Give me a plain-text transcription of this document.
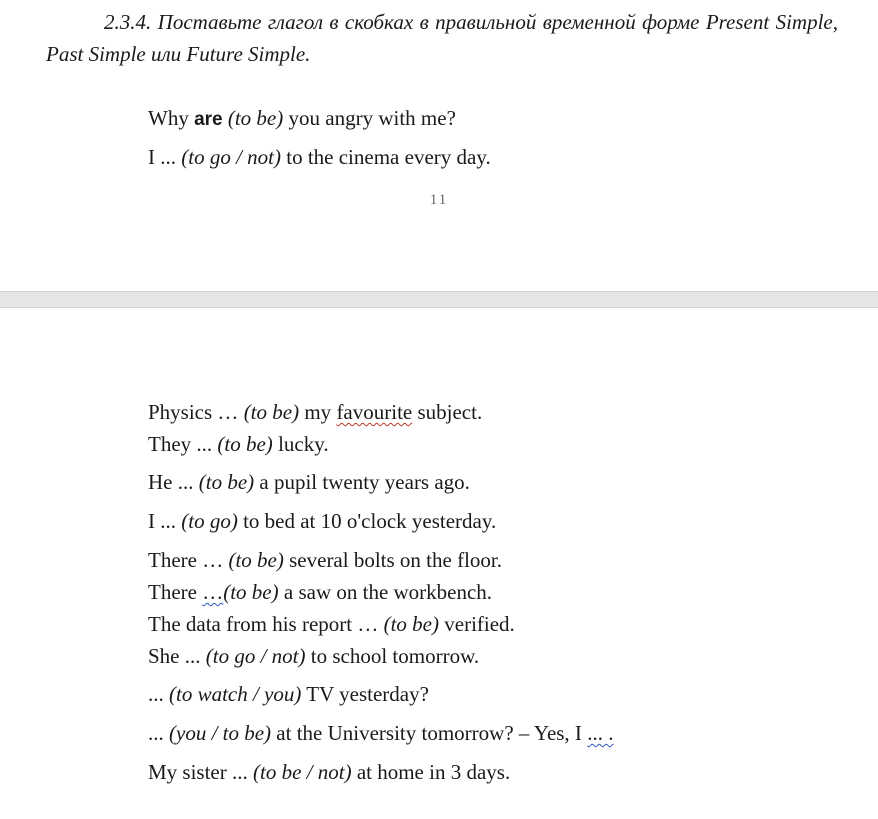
2.3.4. Поставьте глагол в скобках в правильной временной форме Present Simple, Past Simple или Future Simple.

Why are (to be) you angry with me?
I ... (to go / not) to the cinema every day.
11
Physics … (to be) my favourite subject.
They ... (to be) lucky.
He ... (to be) a pupil twenty years ago.
I ... (to go) to bed at 10 o'clock yesterday.
There … (to be) several bolts on the floor.
There …(to be) a saw on the workbench.
The data from his report … (to be) verified.
She ... (to go / not) to school tomorrow.
... (to watch / you) TV yesterday?
... (you / to be) at the University tomorrow? – Yes, I ... .
My sister ... (to be / not) at home in 3 days.
